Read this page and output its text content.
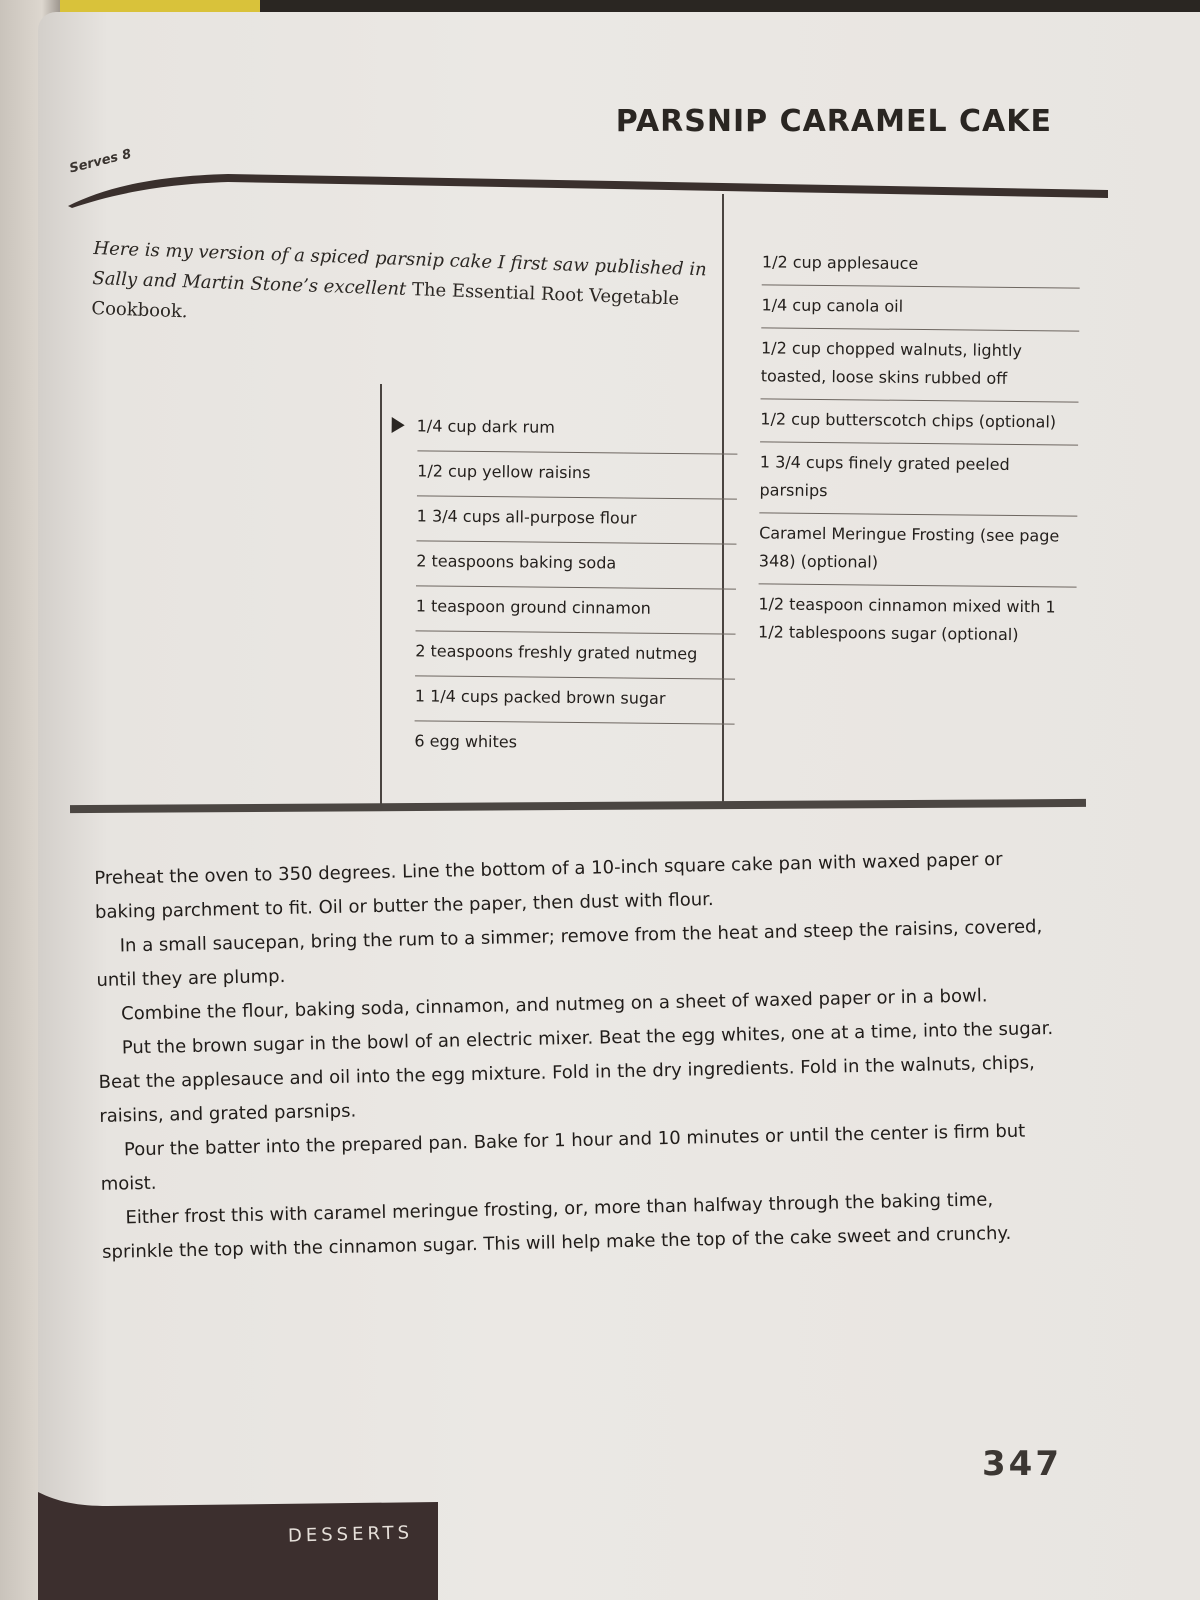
PARSNIP CARAMEL CAKE
Serves 8

Here is my version of a spiced parsnip cake I first saw published in Sally and Martin Stone’s excellent The Essential Root Vegetable Cookbook.

1/4 cup dark rum
1/2 cup yellow raisins
1 3/4 cups all-purpose flour
2 teaspoons baking soda
1 teaspoon ground cinnamon
2 teaspoons freshly grated nutmeg
1 1/4 cups packed brown sugar
6 egg whites
1/2 cup applesauce
1/4 cup canola oil
1/2 cup chopped walnuts, lightly toasted, loose skins rubbed off
1/2 cup butterscotch chips (optional)
1 3/4 cups finely grated peeled parsnips
Caramel Meringue Frosting (see page 348) (optional)
1/2 teaspoon cinnamon mixed with 1 1/2 tablespoons sugar (optional)

Preheat the oven to 350 degrees. Line the bottom of a 10-inch square cake pan with waxed paper or baking parchment to fit. Oil or butter the paper, then dust with flour.

In a small saucepan, bring the rum to a simmer; remove from the heat and steep the raisins, covered, until they are plump.

Combine the flour, baking soda, cinnamon, and nutmeg on a sheet of waxed paper or in a bowl.

Put the brown sugar in the bowl of an electric mixer. Beat the egg whites, one at a time, into the sugar. Beat the applesauce and oil into the egg mixture. Fold in the dry ingredients. Fold in the walnuts, chips, raisins, and grated parsnips.

Pour the batter into the prepared pan. Bake for 1 hour and 10 minutes or until the center is firm but moist.

Either frost this with caramel meringue frosting, or, more than halfway through the baking time, sprinkle the top with the cinnamon sugar. This will help make the top of the cake sweet and crunchy.

347
DESSERTS
